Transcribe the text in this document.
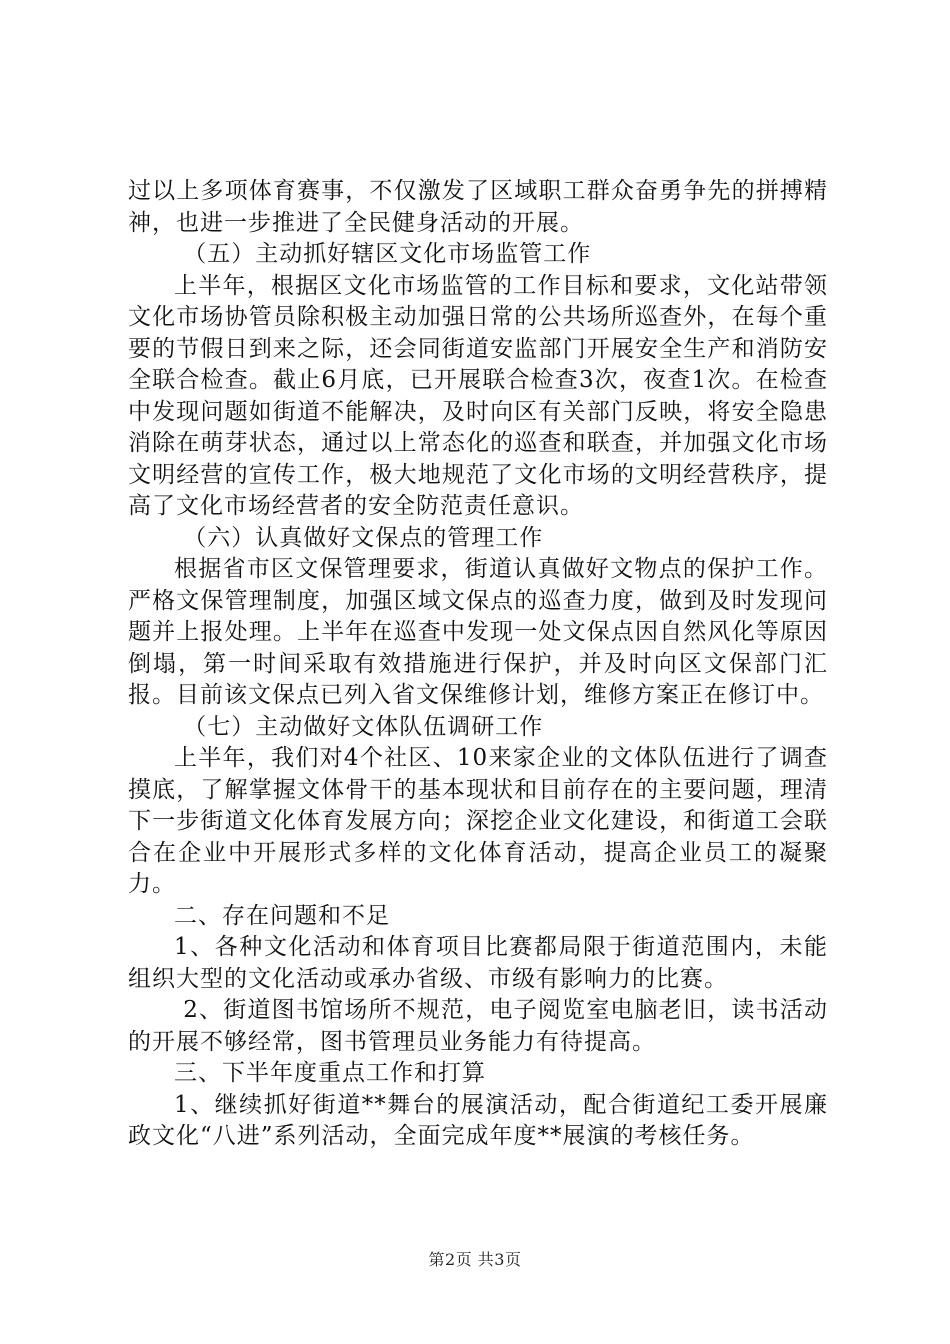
过以上多项体育赛事，不仅激发了区域职工群众奋勇争先的拼搏精神，也进一步推进了全民健身活动的开展。

（五）主动抓好辖区文化市场监管工作

上半年，根据区文化市场监管的工作目标和要求，文化站带领文化市场协管员除积极主动加强日常的公共场所巡查外，在每个重要的节假日到来之际，还会同街道安监部门开展安全生产和消防安全联合检查。截止6月底，已开展联合检查3次，夜查1次。在检查中发现问题如街道不能解决，及时向区有关部门反映，将安全隐患消除在萌芽状态，通过以上常态化的巡查和联查，并加强文化市场文明经营的宣传工作，极大地规范了文化市场的文明经营秩序，提高了文化市场经营者的安全防范责任意识。

（六）认真做好文保点的管理工作

根据省市区文保管理要求，街道认真做好文物点的保护工作。严格文保管理制度，加强区域文保点的巡查力度，做到及时发现问题并上报处理。上半年在巡查中发现一处文保点因自然风化等原因倒塌，第一时间采取有效措施进行保护，并及时向区文保部门汇报。目前该文保点已列入省文保维修计划，维修方案正在修订中。

（七）主动做好文体队伍调研工作

上半年，我们对4个社区、10来家企业的文体队伍进行了调查摸底，了解掌握文体骨干的基本现状和目前存在的主要问题，理清下一步街道文化体育发展方向；深挖企业文化建设，和街道工会联合在企业中开展形式多样的文化体育活动，提高企业员工的凝聚力。

二、存在问题和不足

1、各种文化活动和体育项目比赛都局限于街道范围内，未能组织大型的文化活动或承办省级、市级有影响力的比赛。

2、街道图书馆场所不规范，电子阅览室电脑老旧，读书活动的开展不够经常，图书管理员业务能力有待提高。

三、下半年度重点工作和打算

1、继续抓好街道**舞台的展演活动，配合街道纪工委开展廉政文化“八进”系列活动，全面完成年度**展演的考核任务。

第2页 共3页
